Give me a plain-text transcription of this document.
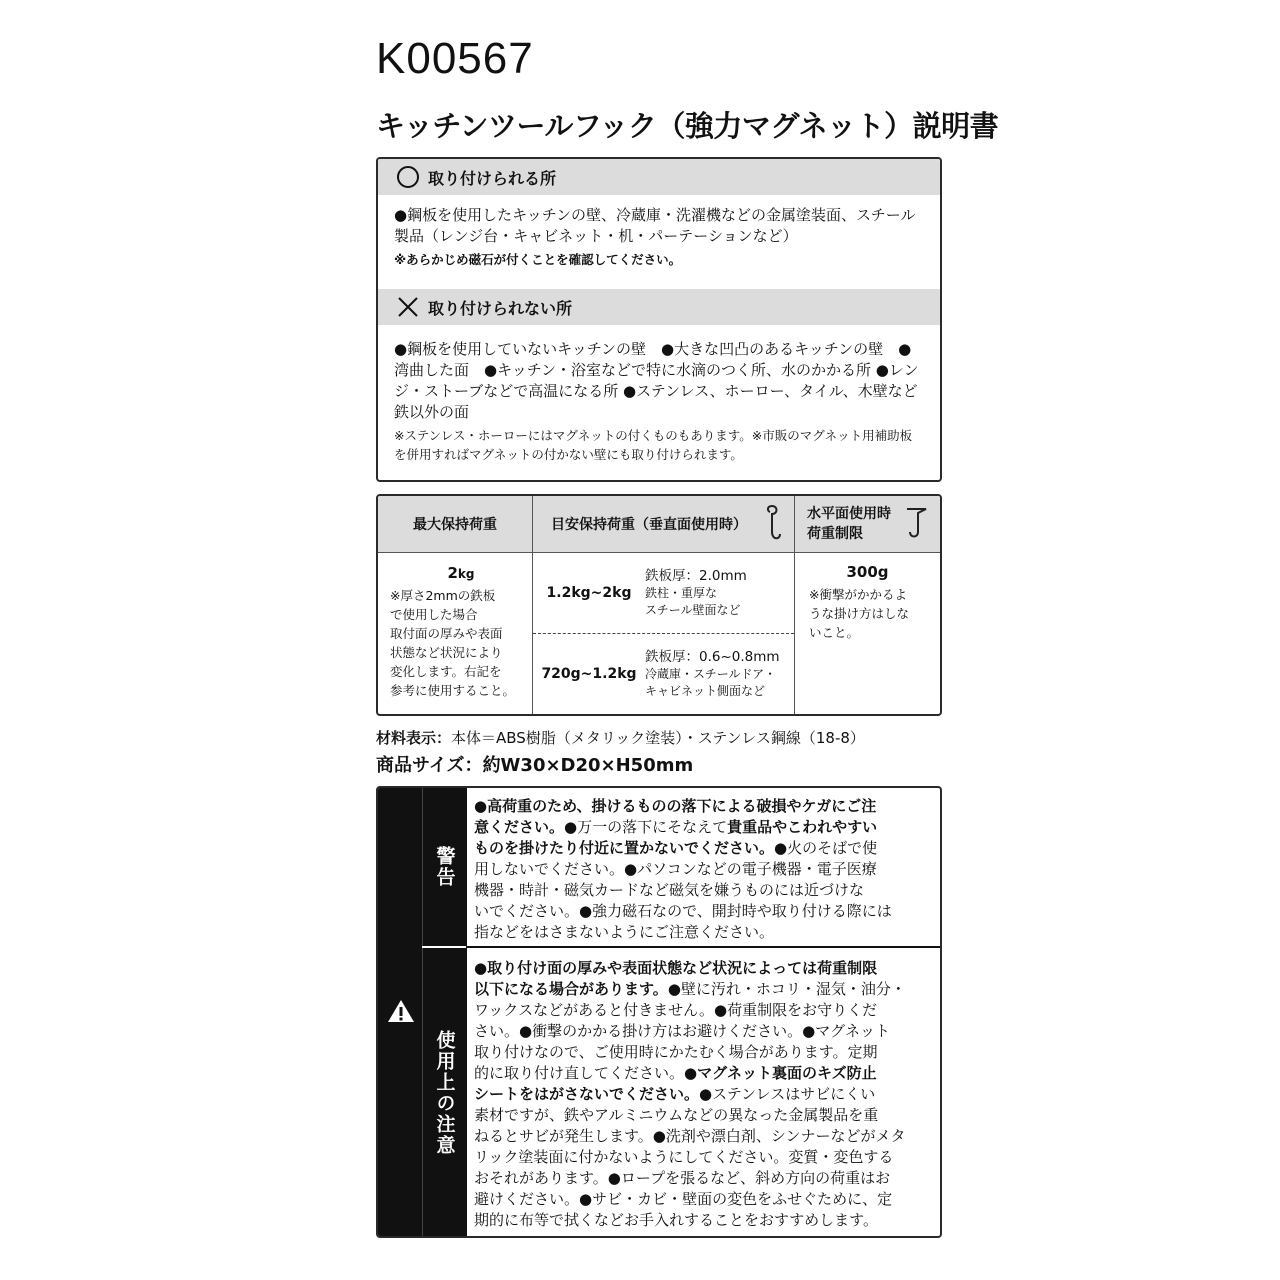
K00567
キッチンツールフック（強力マグネット）説明書
取り付けられる所
●鋼板を使用したキッチンの壁、冷蔵庫・洗濯機などの金属塗装面、スチール製品（レンジ台・キャビネット・机・パーテーションなど）
※あらかじめ磁石が付くことを確認してください。
取り付けられない所
●鋼板を使用していないキッチンの壁　●大きな凹凸のあるキッチンの壁　●湾曲した面　●キッチン・浴室などで特に水滴のつく所、水のかかる所 ●レンジ・ストーブなどで高温になる所 ●ステンレス、ホーロー、タイル、木壁など鉄以外の面
※ステンレス・ホーローにはマグネットの付くものもあります。※市販のマグネット用補助板を併用すればマグネットの付かない壁にも取り付けられます。
最大保持荷重	目安保持荷重（垂直面使用時）
水平面使用時
荷重制限
2kg
※厚さ2mmの鉄板
で使用した場合
取付面の厚みや表面
状態など状況により
変化します。右記を
参考に使用すること。
1.2kg~2kg
鉄板厚：2.0mm
鉄柱・重厚な
スチール壁面など
720g~1.2kg
鉄板厚：0.6~0.8mm
冷蔵庫・スチールドア・
キャビネット側面など
300g
※衝撃がかかるよ
うな掛け方はしな
いこと。
材料表示：本体＝ABS樹脂（メタリック塗装）・ステンレス鋼線（18-8）
商品サイズ：約W30×D20×H50mm
警告
使用上の注意
●高荷重のため、掛けるものの落下による破損やケガにご注
意ください。●万一の落下にそなえて貴重品やこわれやすい
ものを掛けたり付近に置かないでください。●火のそばで使
用しないでください。●パソコンなどの電子機器・電子医療
機器・時計・磁気カードなど磁気を嫌うものには近づけな
いでください。●強力磁石なので、開封時や取り付ける際には
指などをはさまないようにご注意ください。
●取り付け面の厚みや表面状態など状況によっては荷重制限
以下になる場合があります。●壁に汚れ・ホコリ・湿気・油分・
ワックスなどがあると付きません。●荷重制限をお守りくだ
さい。●衝撃のかかる掛け方はお避けください。●マグネット
取り付けなので、ご使用時にかたむく場合があります。定期
的に取り付け直してください。●マグネット裏面のキズ防止
シートをはがさないでください。●ステンレスはサビにくい
素材ですが、鉄やアルミニウムなどの異なった金属製品を重
ねるとサビが発生します。●洗剤や漂白剤、シンナーなどがメタ
リック塗装面に付かないようにしてください。変質・変色する
おそれがあります。●ロープを張るなど、斜め方向の荷重はお
避けください。●サビ・カビ・壁面の変色をふせぐために、定
期的に布等で拭くなどお手入れすることをおすすめします。
